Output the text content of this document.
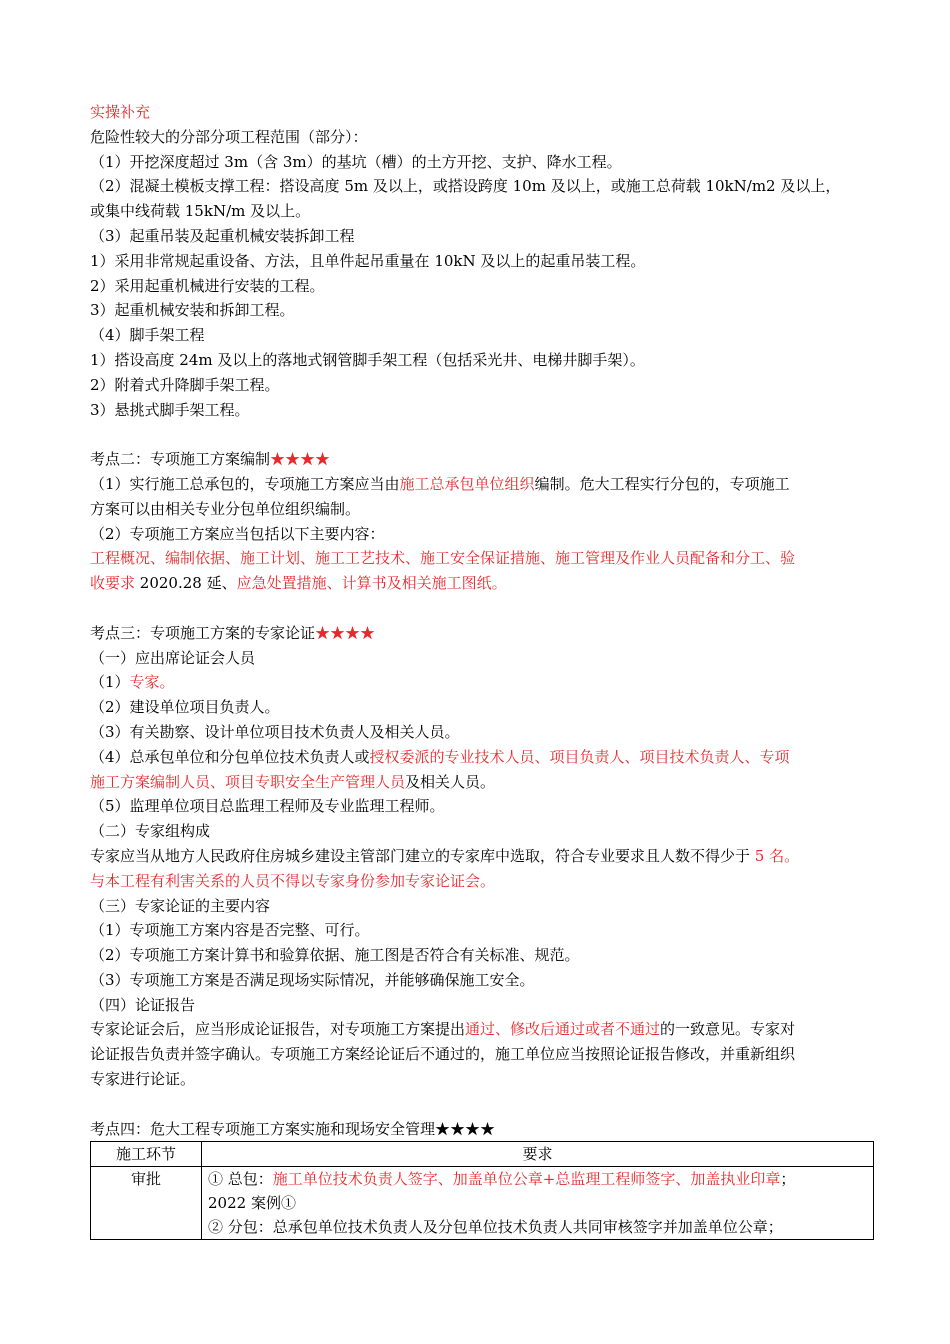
实操补充
危险性较大的分部分项工程范围（部分）：
（1）开挖深度超过 3m（含 3m）的基坑（槽）的土方开挖、支护、降水工程。
（2）混凝土模板支撑工程：搭设高度 5m 及以上，或搭设跨度 10m 及以上，或施工总荷载 10kN/m2 及以上，
或集中线荷载 15kN/m 及以上。
（3）起重吊装及起重机械安装拆卸工程
1）采用非常规起重设备、方法，且单件起吊重量在 10kN 及以上的起重吊装工程。
2）采用起重机械进行安装的工程。
3）起重机械安装和拆卸工程。
（4）脚手架工程
1）搭设高度 24m 及以上的落地式钢管脚手架工程（包括采光井、电梯井脚手架）。
2）附着式升降脚手架工程。
3）悬挑式脚手架工程。
考点二：专项施工方案编制★★★★
（1）实行施工总承包的，专项施工方案应当由施工总承包单位组织编制。危大工程实行分包的，专项施工
方案可以由相关专业分包单位组织编制。
（2）专项施工方案应当包括以下主要内容：
工程概况、编制依据、施工计划、施工工艺技术、施工安全保证措施、施工管理及作业人员配备和分工、验
收要求 2020.28 延、应急处置措施、计算书及相关施工图纸。
考点三：专项施工方案的专家论证★★★★
（一）应出席论证会人员
（1）专家。
（2）建设单位项目负责人。
（3）有关勘察、设计单位项目技术负责人及相关人员。
（4）总承包单位和分包单位技术负责人或授权委派的专业技术人员、项目负责人、项目技术负责人、专项
施工方案编制人员、项目专职安全生产管理人员及相关人员。
（5）监理单位项目总监理工程师及专业监理工程师。
（二）专家组构成
专家应当从地方人民政府住房城乡建设主管部门建立的专家库中选取，符合专业要求且人数不得少于 5 名。
与本工程有利害关系的人员不得以专家身份参加专家论证会。
（三）专家论证的主要内容
（1）专项施工方案内容是否完整、可行。
（2）专项施工方案计算书和验算依据、施工图是否符合有关标准、规范。
（3）专项施工方案是否满足现场实际情况，并能够确保施工安全。
（四）论证报告
专家论证会后，应当形成论证报告，对专项施工方案提出通过、修改后通过或者不通过的一致意见。专家对
论证报告负责并签字确认。专项施工方案经论证后不通过的，施工单位应当按照论证报告修改，并重新组织
专家进行论证。
考点四：危大工程专项施工方案实施和现场安全管理★★★★
施工环节	要求
审批	① 总包：施工单位技术负责人签字、加盖单位公章+总监理工程师签字、加盖执业印章；
2022 案例①
② 分包：总承包单位技术负责人及分包单位技术负责人共同审核签字并加盖单位公章；
